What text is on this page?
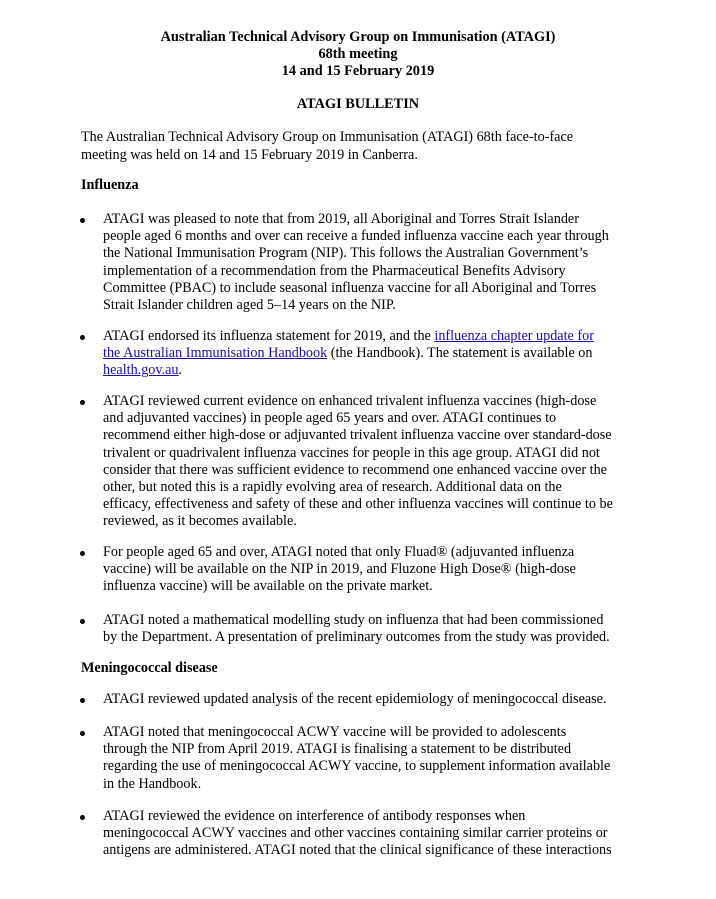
Australian Technical Advisory Group on Immunisation (ATAGI)
68th meeting
14 and 15 February 2019
ATAGI BULLETIN
The Australian Technical Advisory Group on Immunisation (ATAGI) 68th face-to-face
meeting was held on 14 and 15 February 2019 in Canberra.
Influenza
ATAGI was pleased to note that from 2019, all Aboriginal and Torres Strait Islander
people aged 6 months and over can receive a funded influenza vaccine each year through
the National Immunisation Program (NIP). This follows the Australian Government’s
implementation of a recommendation from the Pharmaceutical Benefits Advisory
Committee (PBAC) to include seasonal influenza vaccine for all Aboriginal and Torres
Strait Islander children aged 5–14 years on the NIP.
ATAGI endorsed its influenza statement for 2019, and the influenza chapter update for
the Australian Immunisation Handbook (the Handbook). The statement is available on
health.gov.au.
ATAGI reviewed current evidence on enhanced trivalent influenza vaccines (high-dose
and adjuvanted vaccines) in people aged 65 years and over. ATAGI continues to
recommend either high-dose or adjuvanted trivalent influenza vaccine over standard-dose
trivalent or quadrivalent influenza vaccines for people in this age group. ATAGI did not
consider that there was sufficient evidence to recommend one enhanced vaccine over the
other, but noted this is a rapidly evolving area of research. Additional data on the
efficacy, effectiveness and safety of these and other influenza vaccines will continue to be
reviewed, as it becomes available.
For people aged 65 and over, ATAGI noted that only Fluad® (adjuvanted influenza
vaccine) will be available on the NIP in 2019, and Fluzone High Dose® (high-dose
influenza vaccine) will be available on the private market.
ATAGI noted a mathematical modelling study on influenza that had been commissioned
by the Department. A presentation of preliminary outcomes from the study was provided.
Meningococcal disease
ATAGI reviewed updated analysis of the recent epidemiology of meningococcal disease.
ATAGI noted that meningococcal ACWY vaccine will be provided to adolescents
through the NIP from April 2019. ATAGI is finalising a statement to be distributed
regarding the use of meningococcal ACWY vaccine, to supplement information available
in the Handbook.
ATAGI reviewed the evidence on interference of antibody responses when
meningococcal ACWY vaccines and other vaccines containing similar carrier proteins or
antigens are administered. ATAGI noted that the clinical significance of these interactions
